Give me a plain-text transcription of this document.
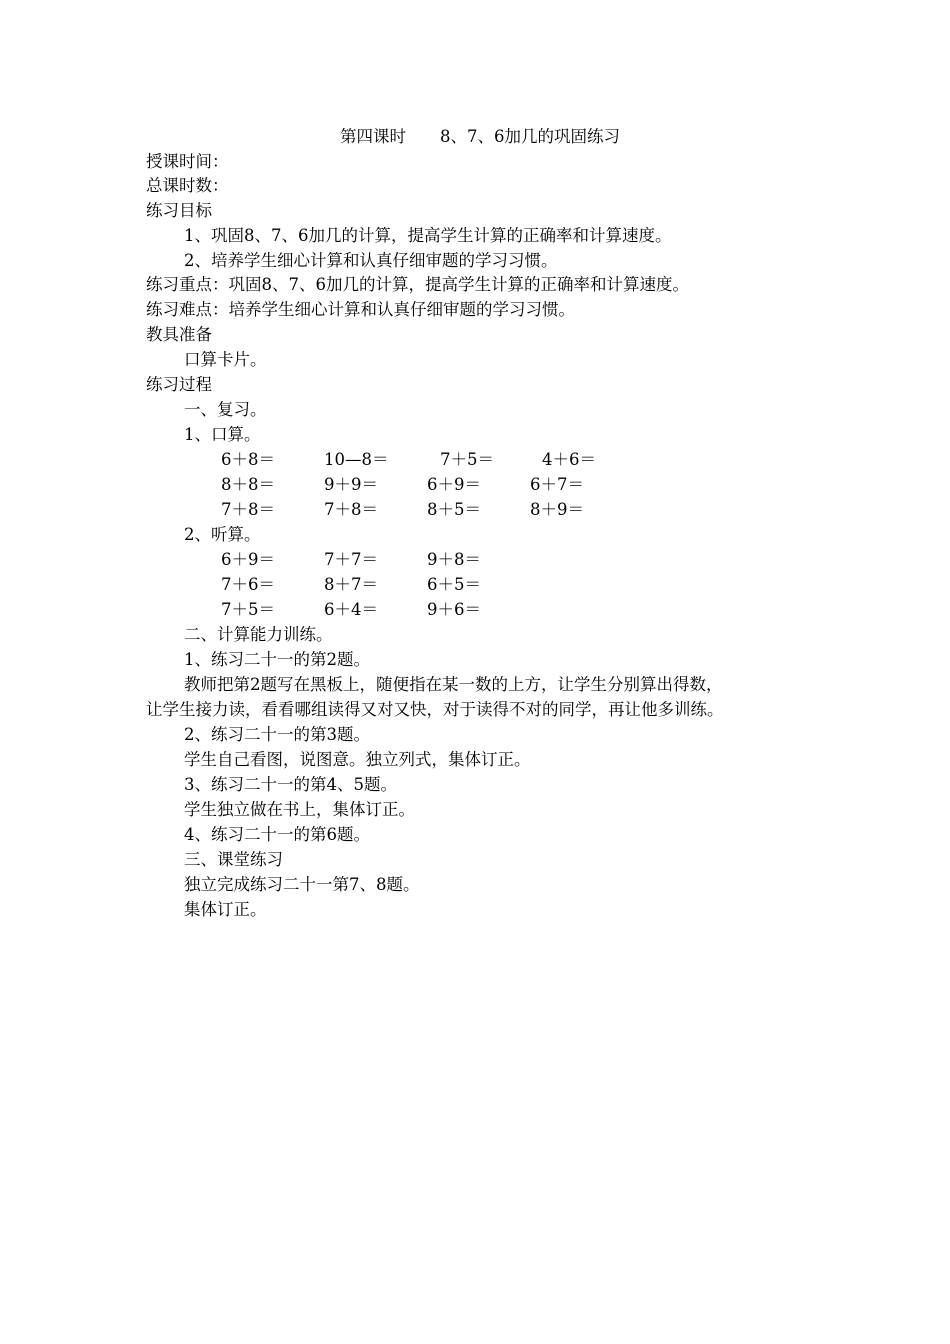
第四课时 8、7、6加几的巩固练习
授课时间：
总课时数：
练习目标
1、巩固8、7、6加几的计算，提高学生计算的正确率和计算速度。
2、培养学生细心计算和认真仔细审题的学习习惯。
练习重点：巩固8、7、6加几的计算，提高学生计算的正确率和计算速度。
练习难点：培养学生细心计算和认真仔细审题的学习习惯。
教具准备
口算卡片。
练习过程
一、复习。
1、口算。
6＋8＝	10—8＝	7＋5＝	4＋6＝
8＋8＝	9＋9＝	6＋9＝	6＋7＝
7＋8＝	7＋8＝	8＋5＝	8＋9＝
2、听算。
6＋9＝	7＋7＝	9＋8＝
7＋6＝	8＋7＝	6＋5＝
7＋5＝	6＋4＝	9＋6＝
二、计算能力训练。
1、练习二十一的第2题。
教师把第2题写在黑板上，随便指在某一数的上方，让学生分别算出得数，
让学生接力读，看看哪组读得又对又快，对于读得不对的同学，再让他多训练。
2、练习二十一的第3题。
学生自己看图，说图意。独立列式，集体订正。
3、练习二十一的第4、5题。
学生独立做在书上，集体订正。
4、练习二十一的第6题。
三、课堂练习
独立完成练习二十一第7、8题。
集体订正。
